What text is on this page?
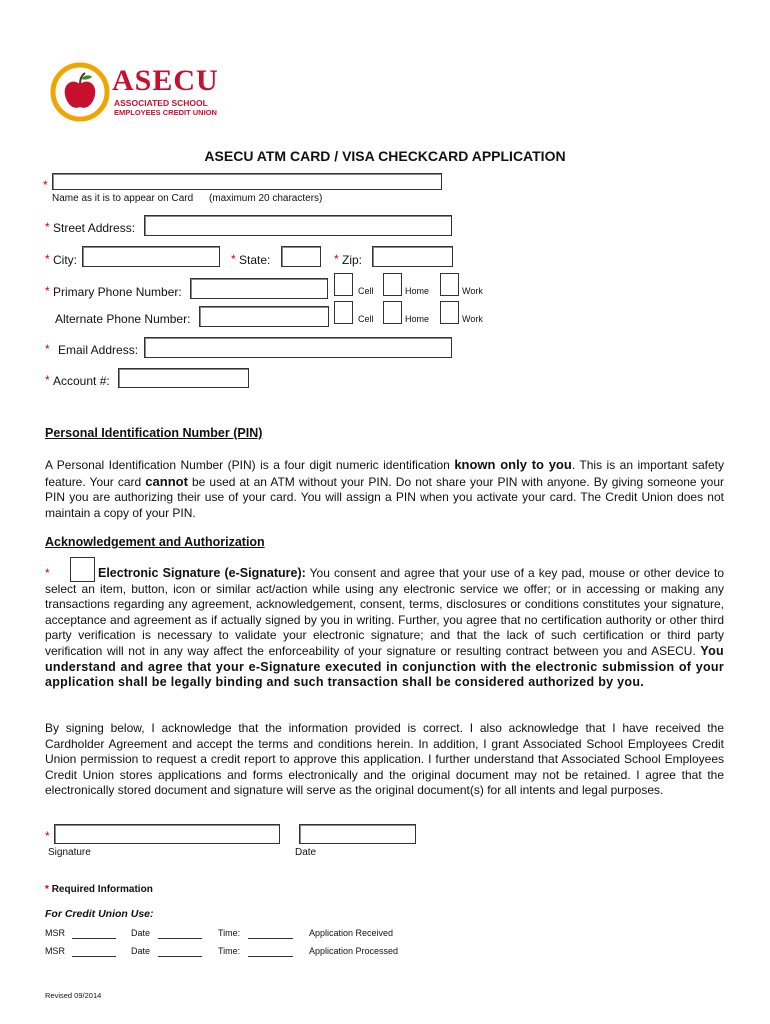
ASECU
ASSOCIATED SCHOOL
EMPLOYEES CREDIT UNION
ASECU ATM CARD / VISA CHECKCARD APPLICATION
*
Name as it is to appear on Card (maximum 20 characters)
* Street Address:
* City:	* State:	* Zip:
* Primary Phone Number:	Cell	Home	Work
Alternate Phone Number:	Cell	Home	Work
* Email Address:
* Account #:
Personal Identification Number (PIN)
A Personal Identification Number (PIN) is a four digit numeric identification known only to you. This is an important safety feature. Your card cannot be used at an ATM without your PIN. Do not share your PIN with anyone. By giving someone your PIN you are authorizing their use of your card. You will assign a PIN when you activate your card. The Credit Union does not maintain a copy of your PIN.
Acknowledgement and Authorization
*	Electronic Signature (e-Signature): You consent and agree that your use of a key pad, mouse or other device to select an item, button, icon or similar act/action while using any electronic service we offer; or in accessing or making any transactions regarding any agreement, acknowledgement, consent, terms, disclosures or conditions constitutes your signature, acceptance and agreement as if actually signed by you in writing. Further, you agree that no certification authority or other third party verification is necessary to validate your electronic signature; and that the lack of such certification or third party verification will not in any way affect the enforceability of your signature or resulting contract between you and ASECU. You understand and agree that your e-Signature executed in conjunction with the electronic submission of your application shall be legally binding and such transaction shall be considered authorized by you.
By signing below, I acknowledge that the information provided is correct. I also acknowledge that I have received the Cardholder Agreement and accept the terms and conditions herein. In addition, I grant Associated School Employees Credit Union permission to request a credit report to approve this application. I further understand that Associated School Employees Credit Union stores applications and forms electronically and the original document may not be retained. I agree that the electronically stored document and signature will serve as the original document(s) for all intents and legal purposes.
*
Signature	Date
* Required Information
For Credit Union Use:
MSR	Date	Time:	Application Received
MSR	Date	Time:	Application Processed
Revised 09/2014
